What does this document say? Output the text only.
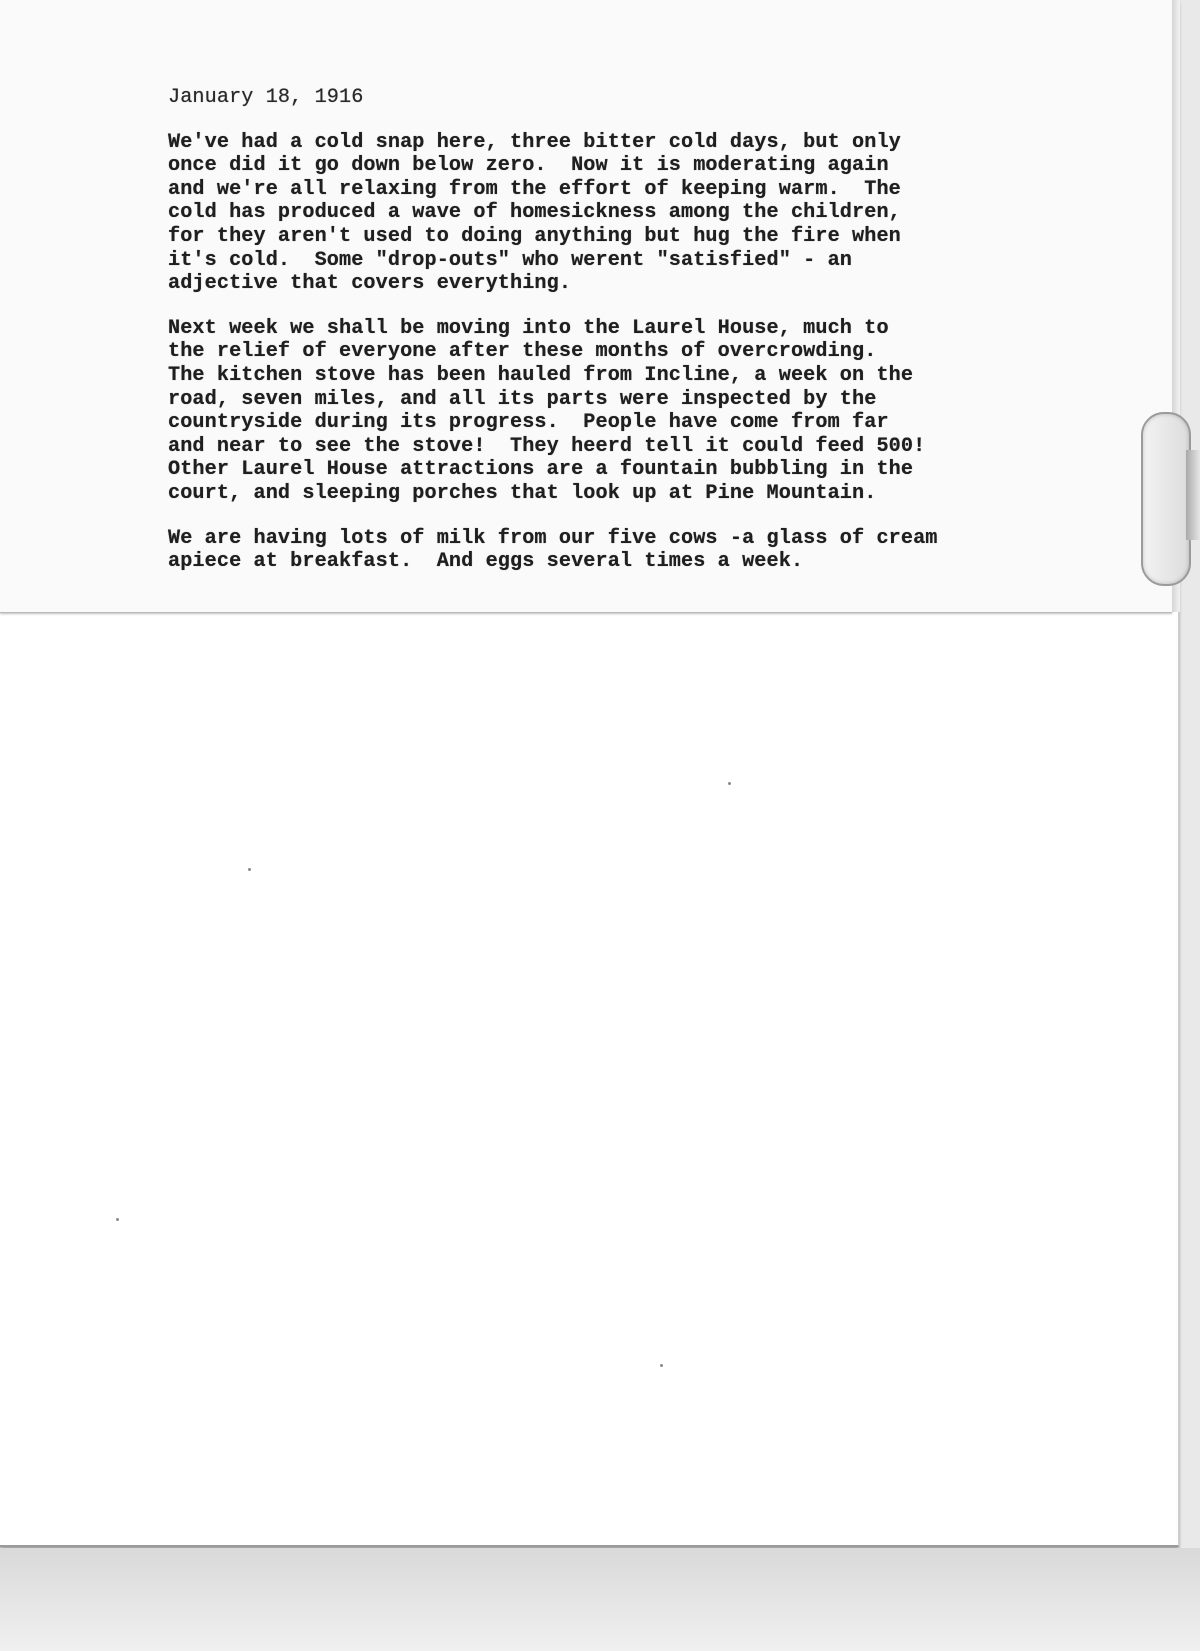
January 18, 1916
We've had a cold snap here, three bitter cold days, but only
once did it go down below zero.  Now it is moderating again
and we're all relaxing from the effort of keeping warm.  The
cold has produced a wave of homesickness among the children,
for they aren't used to doing anything but hug the fire when
it's cold.  Some "drop-outs" who werent "satisfied" - an
adjective that covers everything.
Next week we shall be moving into the Laurel House, much to
the relief of everyone after these months of overcrowding.
The kitchen stove has been hauled from Incline, a week on the
road, seven miles, and all its parts were inspected by the
countryside during its progress.  People have come from far
and near to see the stove!  They heerd tell it could feed 500!
Other Laurel House attractions are a fountain bubbling in the
court, and sleeping porches that look up at Pine Mountain.
We are having lots of milk from our five cows -a glass of cream
apiece at breakfast.  And eggs several times a week.
